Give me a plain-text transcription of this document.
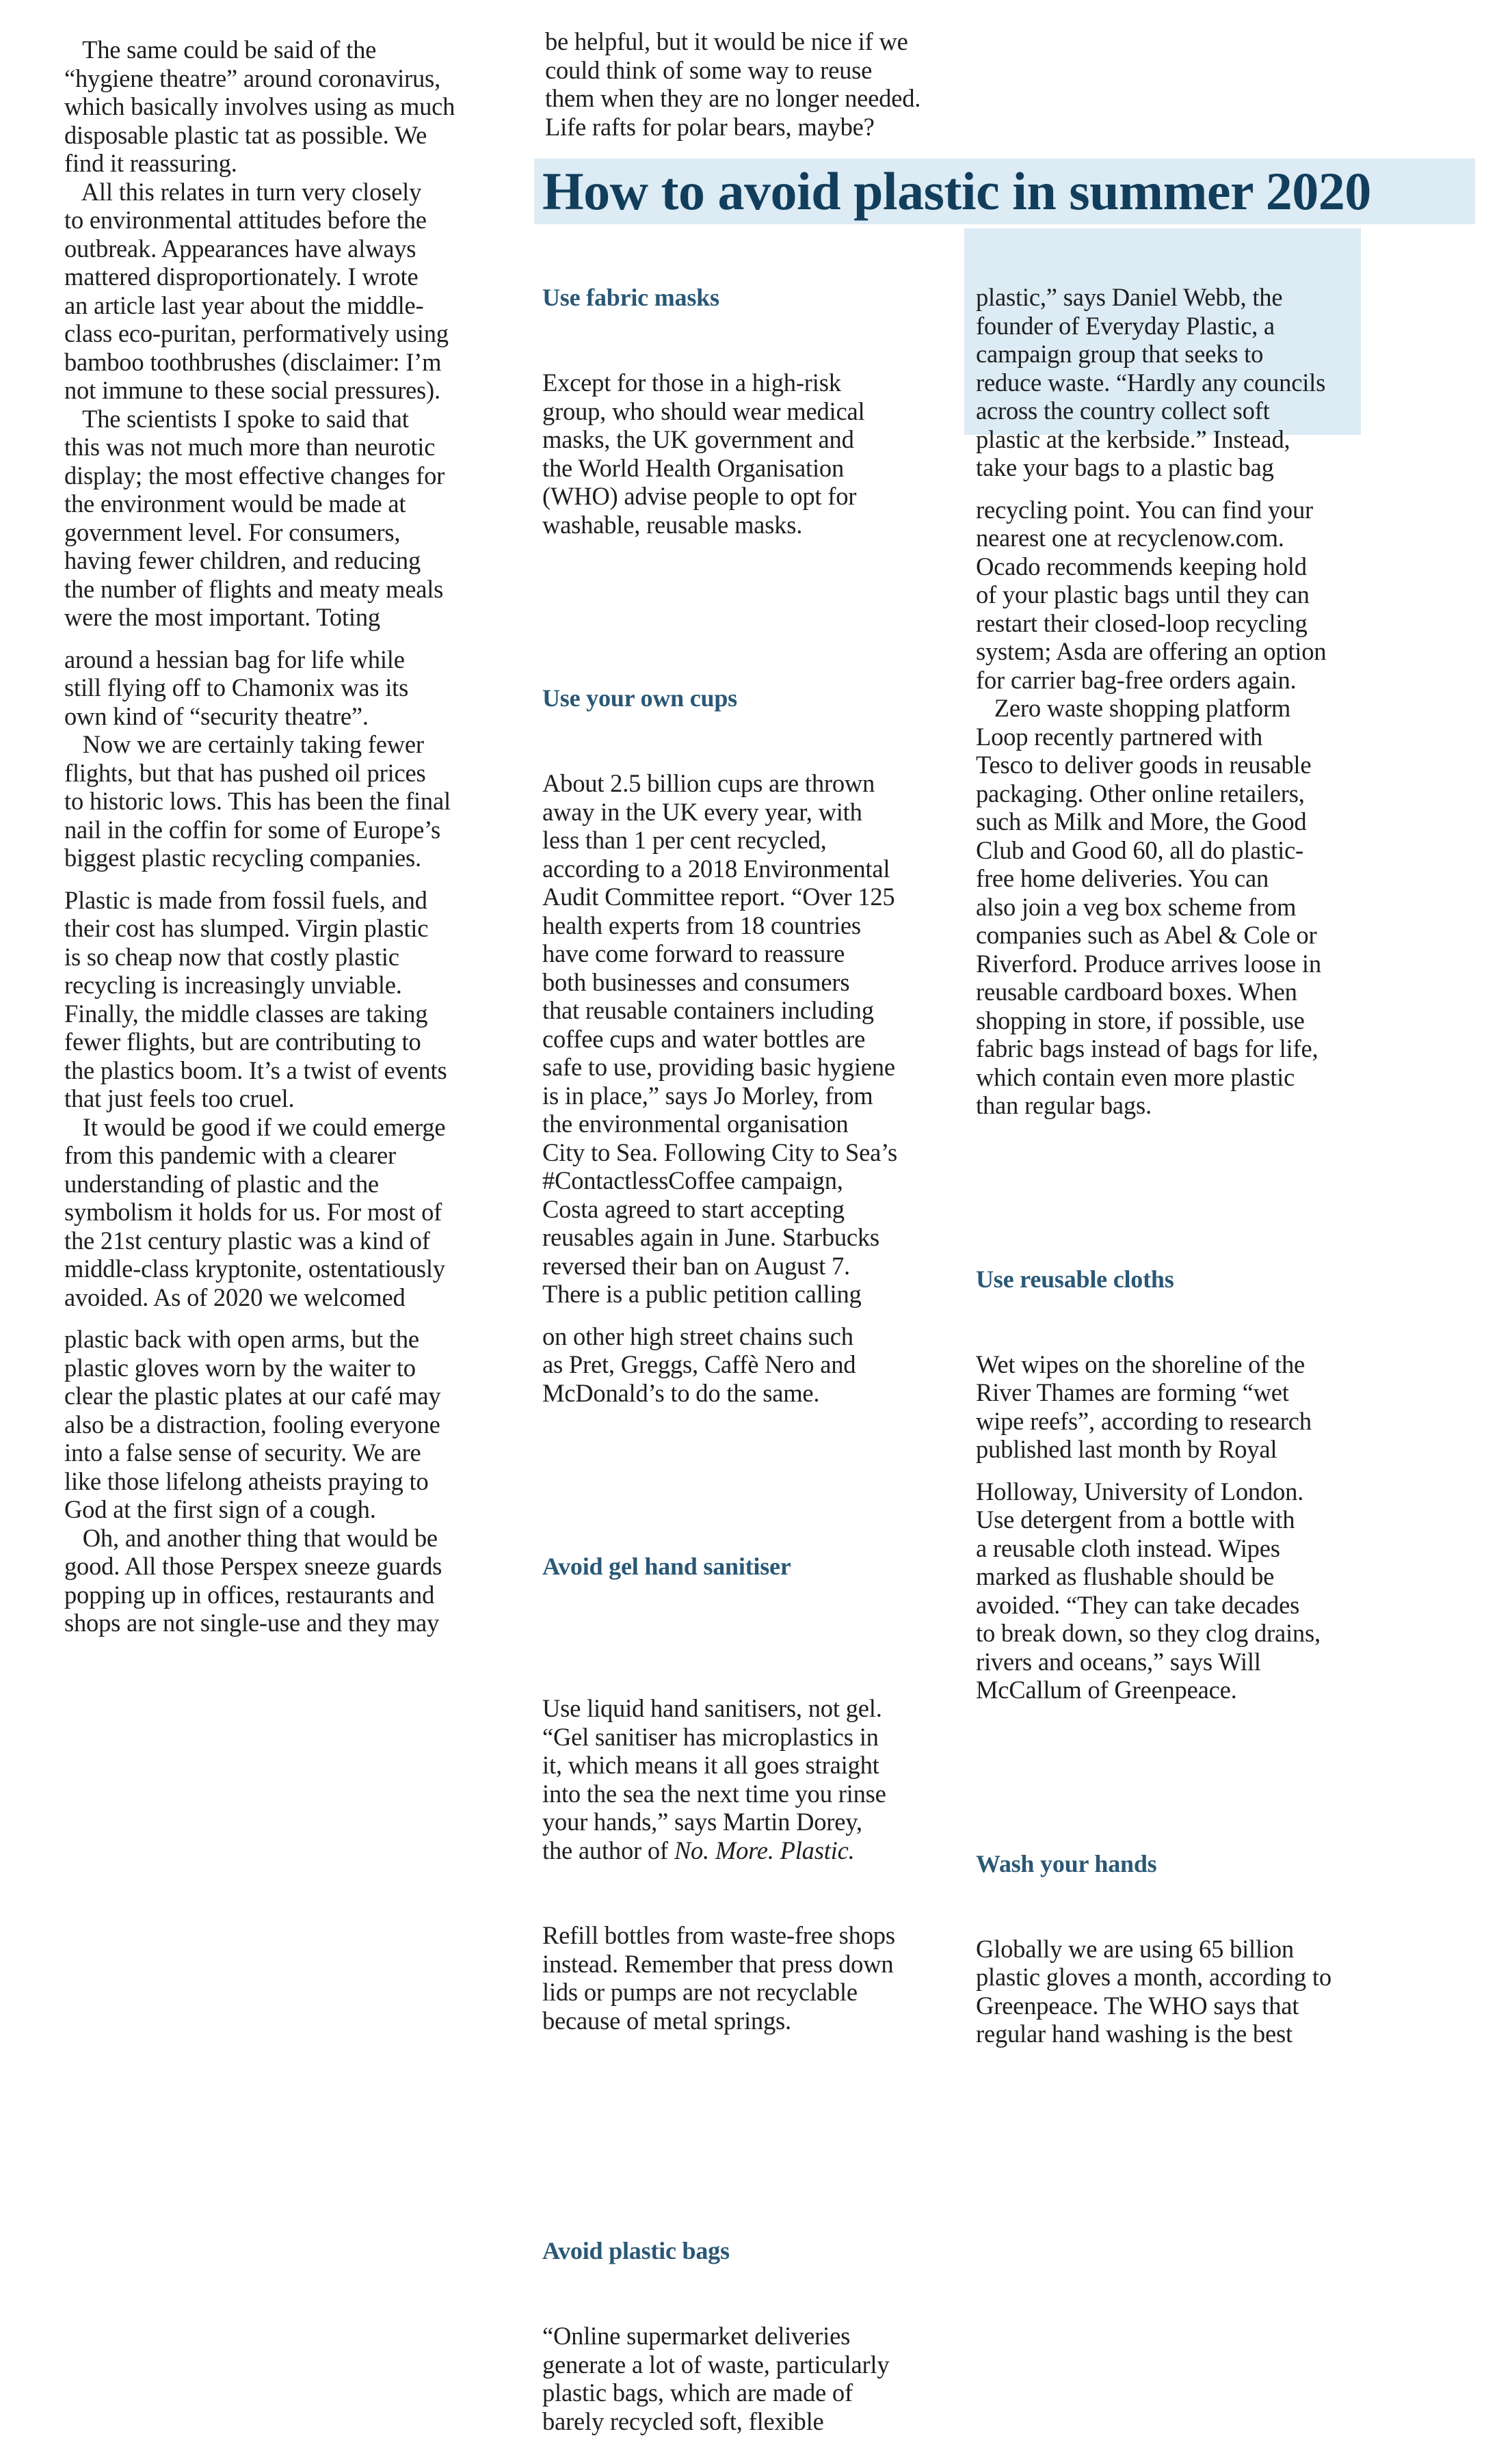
How to avoid plastic in summer 2020

The same could be said of the

“hygiene theatre” around coronavirus,

which basically involves using as much

disposable plastic tat as possible. We

find it reassuring.

All this relates in turn very closely

to environmental attitudes before the

outbreak. Appearances have always

mattered disproportionately. I wrote

an article last year about the middle-

class eco-puritan, performatively using

bamboo toothbrushes (disclaimer: I’m

not immune to these social pressures).

The scientists I spoke to said that

this was not much more than neurotic

display; the most effective changes for

the environment would be made at

government level. For consumers,

having fewer children, and reducing

the number of flights and meaty meals

were the most important. Toting

around a hessian bag for life while

still flying off to Chamonix was its

own kind of “security theatre”.

Now we are certainly taking fewer

flights, but that has pushed oil prices

to historic lows. This has been the final

nail in the coffin for some of Europe’s

biggest plastic recycling companies.

Plastic is made from fossil fuels, and

their cost has slumped. Virgin plastic

is so cheap now that costly plastic

recycling is increasingly unviable.

Finally, the middle classes are taking

fewer flights, but are contributing to

the plastics boom. It’s a twist of events

that just feels too cruel.

It would be good if we could emerge

from this pandemic with a clearer

understanding of plastic and the

symbolism it holds for us. For most of

the 21st century plastic was a kind of

middle-class kryptonite, ostentatiously

avoided. As of 2020 we welcomed

plastic back with open arms, but the

plastic gloves worn by the waiter to

clear the plastic plates at our café may

also be a distraction, fooling everyone

into a false sense of security. We are

like those lifelong atheists praying to

God at the first sign of a cough.

Oh, and another thing that would be

good. All those Perspex sneeze guards

popping up in offices, restaurants and

shops are not single-use and they may

be helpful, but it would be nice if we

could think of some way to reuse

them when they are no longer needed.

Life rafts for polar bears, maybe?

Use fabric masks

Except for those in a high-risk

group, who should wear medical

masks, the UK government and

the World Health Organisation

(WHO) advise people to opt for

washable, reusable masks.

Use your own cups

About 2.5 billion cups are thrown

away in the UK every year, with

less than 1 per cent recycled,

according to a 2018 Environmental

Audit Committee report. “Over 125

health experts from 18 countries

have come forward to reassure

both businesses and consumers

that reusable containers including

coffee cups and water bottles are

safe to use, providing basic hygiene

is in place,” says Jo Morley, from

the environmental organisation

City to Sea. Following City to Sea’s

#ContactlessCoffee campaign,

Costa agreed to start accepting

reusables again in June. Starbucks

reversed their ban on August 7.

There is a public petition calling

on other high street chains such

as Pret, Greggs, Caffè Nero and

McDonald’s to do the same.

Avoid gel hand sanitiser

Use liquid hand sanitisers, not gel.

“Gel sanitiser has microplastics in

it, which means it all goes straight

into the sea the next time you rinse

your hands,” says Martin Dorey,

the author of No. More. Plastic.

Refill bottles from waste-free shops

instead. Remember that press down

lids or pumps are not recyclable

because of metal springs.

Avoid plastic bags

“Online supermarket deliveries

generate a lot of waste, particularly

plastic bags, which are made of

barely recycled soft, flexible

plastic,” says Daniel Webb, the

founder of Everyday Plastic, a

campaign group that seeks to

reduce waste. “Hardly any councils

across the country collect soft

plastic at the kerbside.” Instead,

take your bags to a plastic bag

recycling point. You can find your

nearest one at recyclenow.com.

Ocado recommends keeping hold

of your plastic bags until they can

restart their closed-loop recycling

system; Asda are offering an option

for carrier bag-free orders again.

Zero waste shopping platform

Loop recently partnered with

Tesco to deliver goods in reusable

packaging. Other online retailers,

such as Milk and More, the Good

Club and Good 60, all do plastic-

free home deliveries. You can

also join a veg box scheme from

companies such as Abel & Cole or

Riverford. Produce arrives loose in

reusable cardboard boxes. When

shopping in store, if possible, use

fabric bags instead of bags for life,

which contain even more plastic

than regular bags.

Use reusable cloths

Wet wipes on the shoreline of the

River Thames are forming “wet

wipe reefs”, according to research

published last month by Royal

Holloway, University of London.

Use detergent from a bottle with

a reusable cloth instead. Wipes

marked as flushable should be

avoided. “They can take decades

to break down, so they clog drains,

rivers and oceans,” says Will

McCallum of Greenpeace.

Wash your hands

Globally we are using 65 billion

plastic gloves a month, according to

Greenpeace. The WHO says that

regular hand washing is the best
